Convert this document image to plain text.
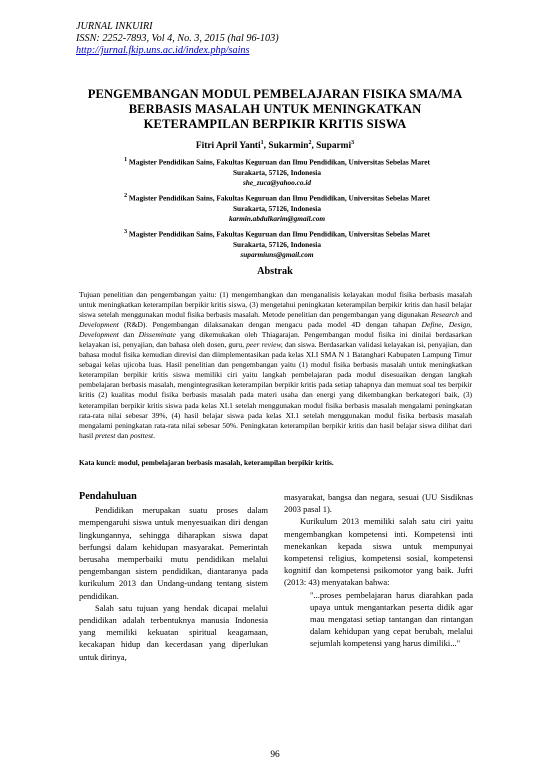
JURNAL INKUIRI
ISSN: 2252-7893, Vol 4, No. 3, 2015 (hal 96-103)
http://jurnal.fkip.uns.ac.id/index.php/sains
PENGEMBANGAN MODUL PEMBELAJARAN FISIKA SMA/MA
BERBASIS MASALAH UNTUK MENINGKATKAN
KETERAMPILAN BERPIKIR KRITIS SISWA
Fitri April Yanti$^1$, Sukarmin$^2$, Suparmi$^3$
$^1$ Magister Pendidikan Sains, Fakultas Keguruan dan Ilmu Pendidikan, Universitas Sebelas Maret
Surakarta, 57126, Indonesia
she_zuca@yahoo.co.id
$^2$ Magister Pendidikan Sains, Fakultas Keguruan dan Ilmu Pendidikan, Universitas Sebelas Maret
Surakarta, 57126, Indonesia
karmin.abdulkarim@gmail.com
$^3$ Magister Pendidikan Sains, Fakultas Keguruan dan Ilmu Pendidikan, Universitas Sebelas Maret
Surakarta, 57126, Indonesia
suparmiuns@gmail.com
Abstrak
Tujuan penelitian dan pengembangan yaitu: (1) mengembangkan dan menganalisis kelayakan modul fisika berbasis masalah untuk meningkatkan keterampilan berpikir kritis siswa, (3) mengetahui peningkatan keterampilan berpikir kritis dan hasil belajar siswa setelah menggunakan modul fisika berbasis masalah. Metode penelitian dan pengembangan yang digunakan Research and Development (R&D). Pengembangan dilaksanakan dengan mengacu pada model 4D dengan tahapan Define, Design, Development dan Disseminate yang dikemukakan oleh Thiagarajan. Pengembangan modul fisika ini dinilai berdasarkan kelayakan isi, penyajian, dan bahasa oleh dosen, guru, peer review, dan siswa. Berdasarkan validasi kelayakan isi, penyajian, dan bahasa modul fisika kemudian direvisi dan diimplementasikan pada kelas XI.I SMA N 1 Batanghari Kabupaten Lampung Timur sebagai kelas ujicoba luas. Hasil penelitian dan pengembangan yaitu (1) modul fisika berbasis masalah untuk meningkatkan keterampilan berpikir kritis siswa memiliki ciri yaitu langkah pembelajaran pada modul disesuaikan dengan langkah pembelajaran berbasis masalah, mengintegrasikan keterampilan berpikir kritis pada setiap tahapnya dan memuat soal tes berpikir kritis (2) kualitas modul fisika berbasis masalah pada materi usaha dan energi yang dikembangkan berkategori baik, (3) keterampilan berpikir kritis siswa pada kelas XI.1 setelah menggunakan modul fisika berbasis masalah mengalami peningkatan rata-rata nilai sebesar 39%, (4) hasil belajar siswa pada kelas XI.1 setelah menggunakan modul fisika berbasis masalah mengalami peningkatan rata-rata nilai sebesar 50%. Peningkatan keterampilan berpikir kritis dan hasil belajar siswa dilihat dari hasil pretest dan posttest.
Kata kunci: modul, pembelajaran berbasis masalah, keterampilan berpikir kritis.
Pendahuluan

Pendidikan merupakan suatu proses dalam mempengaruhi siswa untuk menyesuaikan diri dengan lingkungannya, sehingga diharapkan siswa dapat berfungsi dalam kehidupan masyarakat. Pemerintah berusaha memperbaiki mutu pendidikan melalui pengembangan sistem pendidikan, diantaranya pada kurikulum 2013 dan Undang-undang tentang sistem pendidikan.

Salah satu tujuan yang hendak dicapai melalui pendidikan adalah terbentuknya manusia Indonesia yang memiliki kekuatan spiritual keagamaan, kecakapan hidup dan kecerdasan yang diperlukan untuk dirinya,

masyarakat, bangsa dan negara, sesuai (UU Sisdiknas 2003 pasal 1).

Kurikulum 2013 memiliki salah satu ciri yaitu mengembangkan kompetensi inti. Kompetensi inti menekankan kepada siswa untuk mempunyai kompetensi religius, kompetensi sosial, kompetensi kognitif dan kompetensi psikomotor yang baik. Jufri (2013: 43) menyatakan bahwa:

"...proses pembelajaran harus diarahkan pada upaya untuk mengantarkan peserta didik agar mau mengatasi setiap tantangan dan rintangan dalam kehidupan yang cepat berubah, melalui sejumlah kompetensi yang harus dimiliki..."

96
